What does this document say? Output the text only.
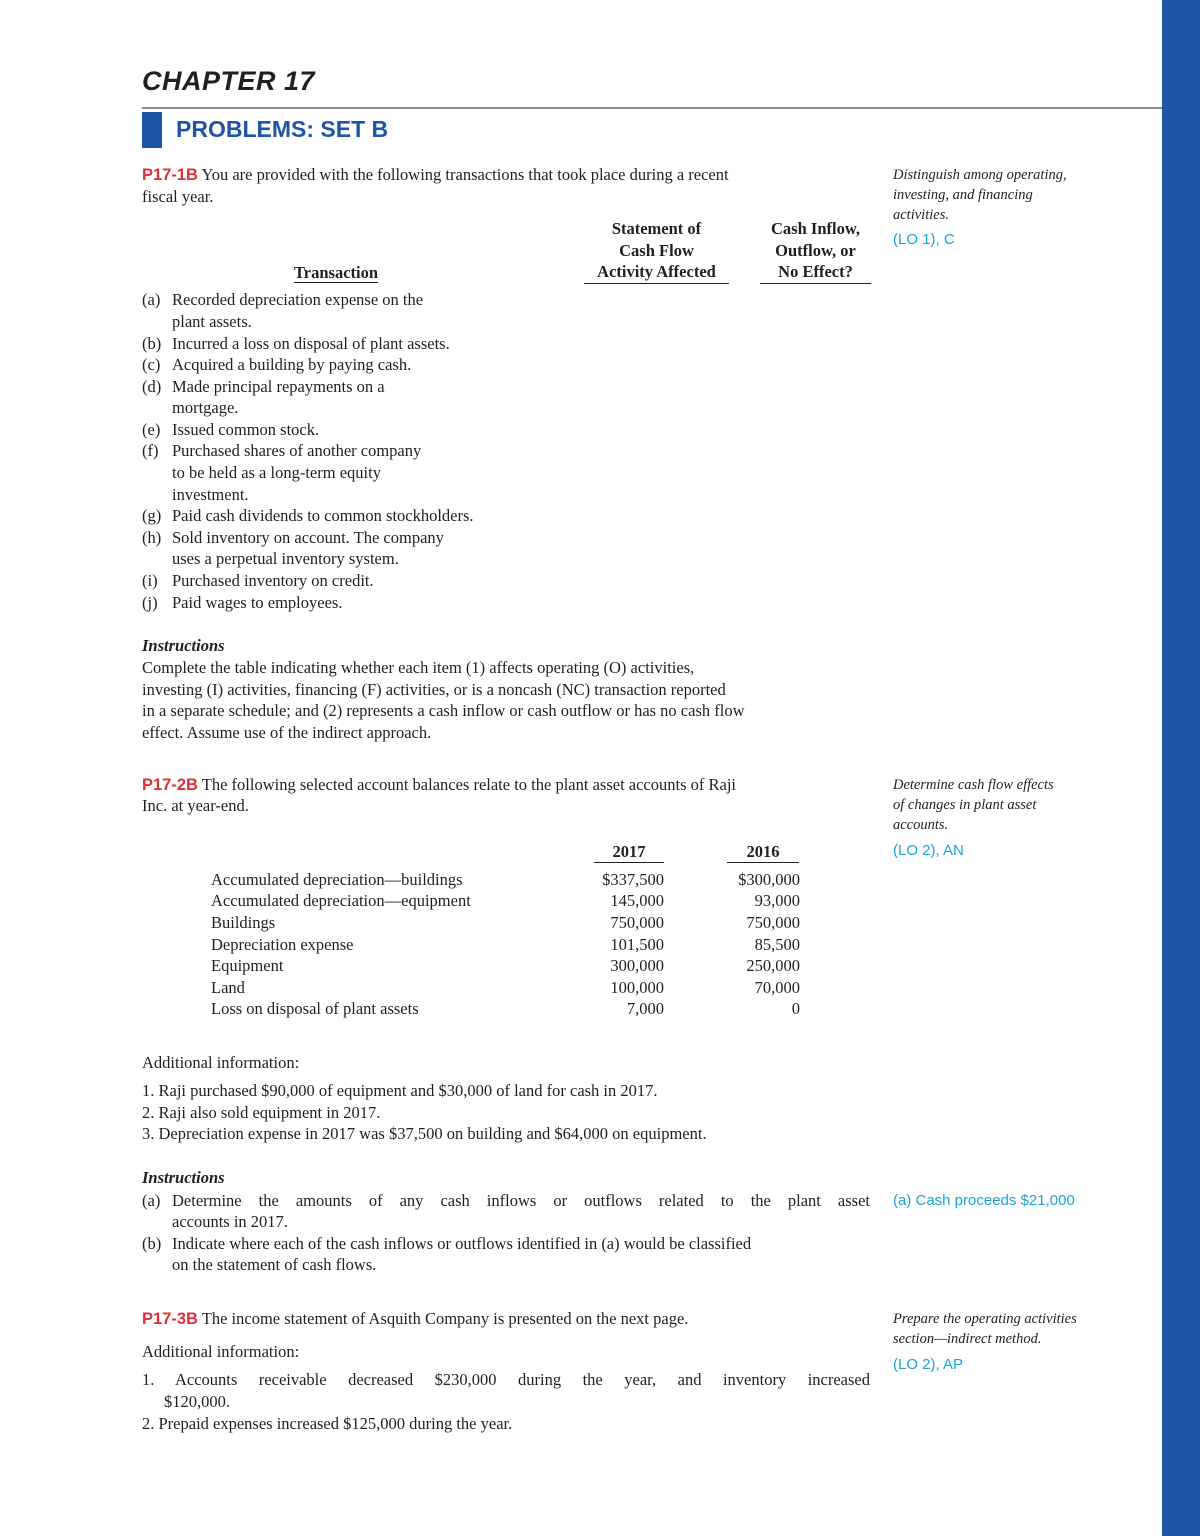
CHAPTER 17
PROBLEMS: SET B
P17-1B You are provided with the following transactions that took place during a recent
fiscal year.
Distinguish among operating,
investing, and financing
activities.
(LO 1), C
Transaction
Statement of
Cash Flow
Activity Affected
Cash Inflow,
Outflow, or
No Effect?
(a) Recorded depreciation expense on the
plant assets.
(b) Incurred a loss on disposal of plant assets.
(c) Acquired a building by paying cash.
(d) Made principal repayments on a
mortgage.
(e) Issued common stock.
(f) Purchased shares of another company
to be held as a long-term equity
investment.
(g) Paid cash dividends to common stockholders.
(h) Sold inventory on account. The company
uses a perpetual inventory system.
(i) Purchased inventory on credit.
(j) Paid wages to employees.
Instructions
Complete the table indicating whether each item (1) affects operating (O) activities,
investing (I) activities, financing (F) activities, or is a noncash (NC) transaction reported
in a separate schedule; and (2) represents a cash inflow or cash outflow or has no cash flow
effect. Assume use of the indirect approach.
P17-2B The following selected account balances relate to the plant asset accounts of Raji
Inc. at year-end.
Determine cash flow effects
of changes in plant asset
accounts.
(LO 2), AN
2017	2016
Accumulated depreciation—buildings	$337,500	$300,000
Accumulated depreciation—equipment	145,000	93,000
Buildings	750,000	750,000
Depreciation expense	101,500	85,500
Equipment	300,000	250,000
Land	100,000	70,000
Loss on disposal of plant assets	7,000	0
Additional information:
1. Raji purchased $90,000 of equipment and $30,000 of land for cash in 2017.
2. Raji also sold equipment in 2017.
3. Depreciation expense in 2017 was $37,500 on building and $64,000 on equipment.
Instructions
(a) Determine the amounts of any cash inflows or outflows related to the plant asset
accounts in 2017.
(b) Indicate where each of the cash inflows or outflows identified in (a) would be classified
on the statement of cash flows.
(a) Cash proceeds $21,000
P17-3B The income statement of Asquith Company is presented on the next page.	Prepare the operating activities
section—indirect method.
(LO 2), AP
Additional information:
1. Accounts receivable decreased $230,000 during the year, and inventory increased
$120,000.
2. Prepaid expenses increased $125,000 during the year.
